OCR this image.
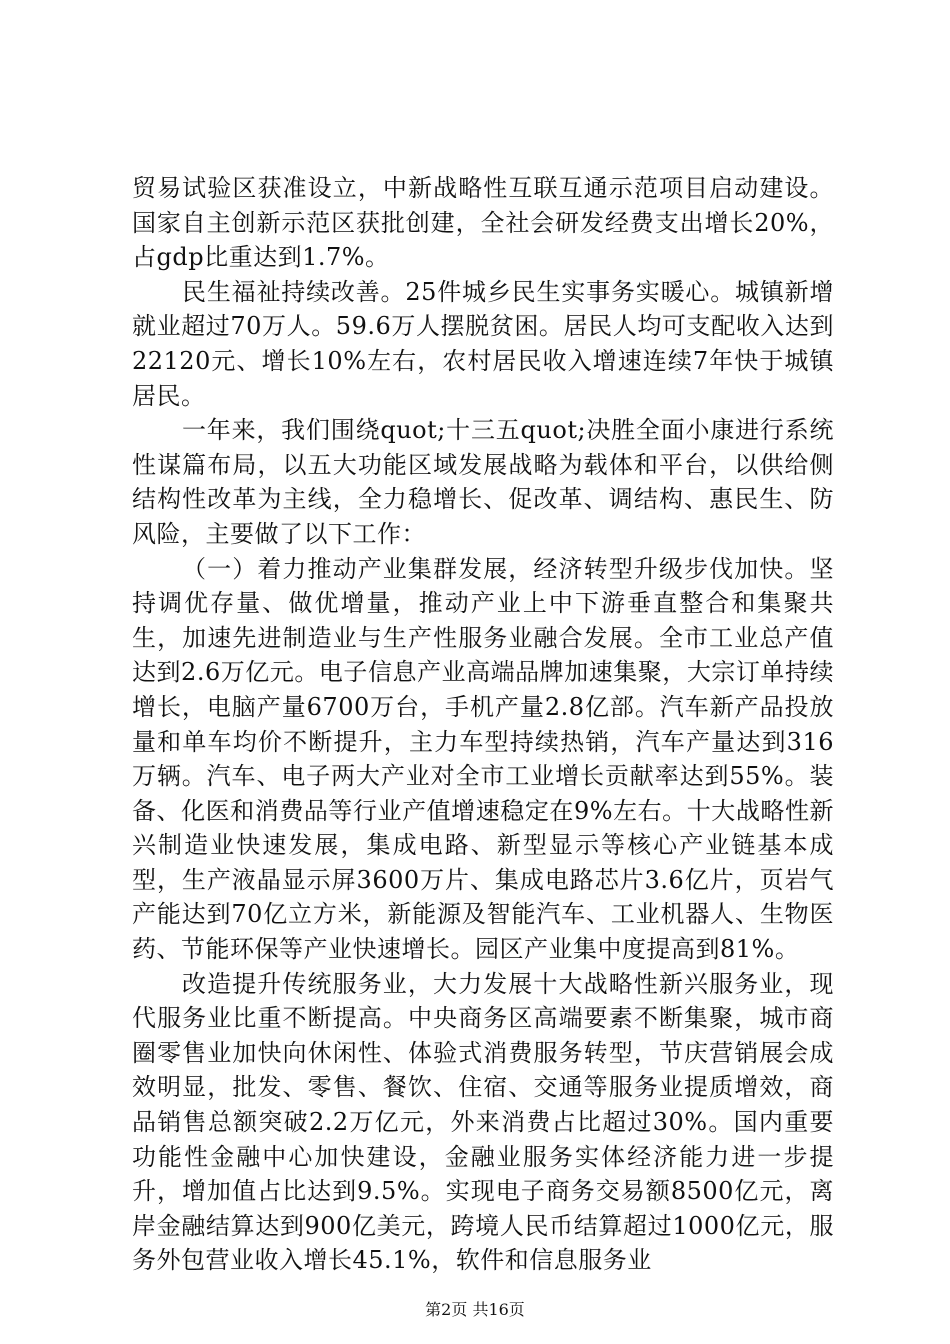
贸易试验区获准设立，中新战略性互联互通示范项目启动建设。国家自主创新示范区获批创建，全社会研发经费支出增长20%，占gdp比重达到1.7%。

民生福祉持续改善。25件城乡民生实事务实暖心。城镇新增就业超过70万人。59.6万人摆脱贫困。居民人均可支配收入达到22120元、增长10%左右，农村居民收入增速连续7年快于城镇居民。

一年来，我们围绕quot;十三五quot;决胜全面小康进行系统性谋篇布局，以五大功能区域发展战略为载体和平台，以供给侧结构性改革为主线，全力稳增长、促改革、调结构、惠民生、防风险，主要做了以下工作：

（一）着力推动产业集群发展，经济转型升级步伐加快。坚持调优存量、做优增量，推动产业上中下游垂直整合和集聚共生，加速先进制造业与生产性服务业融合发展。全市工业总产值达到2.6万亿元。电子信息产业高端品牌加速集聚，大宗订单持续增长，电脑产量6700万台，手机产量2.8亿部。汽车新产品投放量和单车均价不断提升，主力车型持续热销，汽车产量达到316万辆。汽车、电子两大产业对全市工业增长贡献率达到55%。装备、化医和消费品等行业产值增速稳定在9%左右。十大战略性新兴制造业快速发展，集成电路、新型显示等核心产业链基本成型，生产液晶显示屏3600万片、集成电路芯片3.6亿片，页岩气产能达到70亿立方米，新能源及智能汽车、工业机器人、生物医药、节能环保等产业快速增长。园区产业集中度提高到81%。

改造提升传统服务业，大力发展十大战略性新兴服务业，现代服务业比重不断提高。中央商务区高端要素不断集聚，城市商圈零售业加快向休闲性、体验式消费服务转型，节庆营销展会成效明显，批发、零售、餐饮、住宿、交通等服务业提质增效，商品销售总额突破2.2万亿元，外来消费占比超过30%。国内重要功能性金融中心加快建设，金融业服务实体经济能力进一步提升，增加值占比达到9.5%。实现电子商务交易额8500亿元，离岸金融结算达到900亿美元，跨境人民币结算超过1000亿元，服务外包营业收入增长45.1%，软件和信息服务业

第2页 共16页
